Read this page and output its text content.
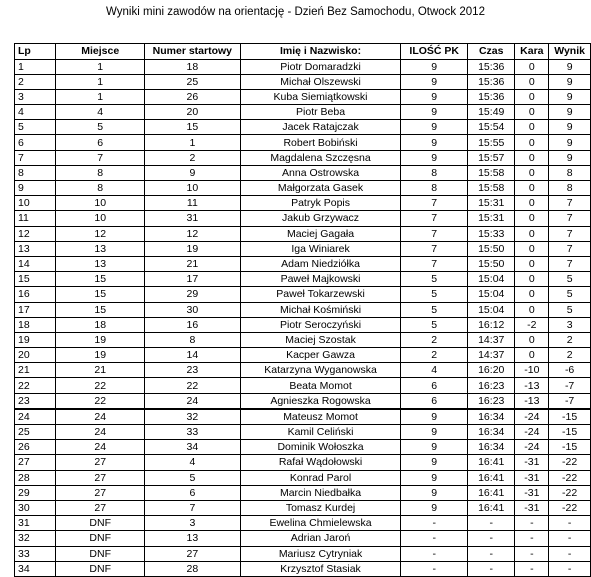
Wyniki mini zawodów na orientację - Dzień Bez Samochodu, Otwock 2012
Lp	Miejsce	Numer startowy	Imię i Nazwisko:	ILOŚĆ PK	Czas	Kara	Wynik
1	1	18	Piotr Domaradzki	9	15:36	0	9
2	1	25	Michał Olszewski	9	15:36	0	9
3	1	26	Kuba Siemiątkowski	9	15:36	0	9
4	4	20	Piotr Beba	9	15:49	0	9
5	5	15	Jacek Ratajczak	9	15:54	0	9
6	6	1	Robert Bobiński	9	15:55	0	9
7	7	2	Magdalena Szczęsna	9	15:57	0	9
8	8	9	Anna Ostrowska	8	15:58	0	8
9	8	10	Małgorzata Gasek	8	15:58	0	8
10	10	11	Patryk Popis	7	15:31	0	7
11	10	31	Jakub Grzywacz	7	15:31	0	7
12	12	12	Maciej Gagała	7	15:33	0	7
13	13	19	Iga Winiarek	7	15:50	0	7
14	13	21	Adam Niedziółka	7	15:50	0	7
15	15	17	Paweł Majkowski	5	15:04	0	5
16	15	29	Paweł Tokarzewski	5	15:04	0	5
17	15	30	Michał Kośmiński	5	15:04	0	5
18	18	16	Piotr Seroczyński	5	16:12	-2	3
19	19	8	Maciej Szostak	2	14:37	0	2
20	19	14	Kacper Gawza	2	14:37	0	2
21	21	23	Katarzyna Wyganowska	4	16:20	-10	-6
22	22	22	Beata Momot	6	16:23	-13	-7
23	22	24	Agnieszka Rogowska	6	16:23	-13	-7
24	24	32	Mateusz Momot	9	16:34	-24	-15
25	24	33	Kamil Celiński	9	16:34	-24	-15
26	24	34	Dominik Wołoszka	9	16:34	-24	-15
27	27	4	Rafał Wądołowski	9	16:41	-31	-22
28	27	5	Konrad Parol	9	16:41	-31	-22
29	27	6	Marcin Niedbałka	9	16:41	-31	-22
30	27	7	Tomasz Kurdej	9	16:41	-31	-22
31	DNF	3	Ewelina Chmielewska	-	-	-	-
32	DNF	13	Adrian Jaroń	-	-	-	-
33	DNF	27	Mariusz Cytryniak	-	-	-	-
34	DNF	28	Krzysztof Stasiak	-	-	-	-
